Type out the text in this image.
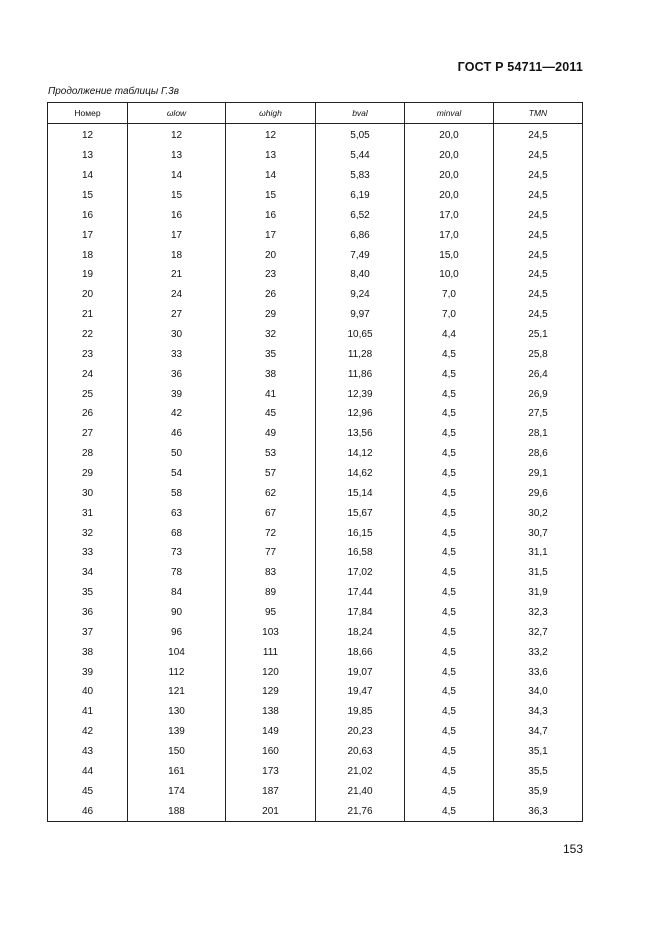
ГОСТ Р 54711—2011
Продолжение таблицы Г.3в
Номер	ωlow	ωhigh	bval	minval	TMN
12	12	12	5,05	20,0	24,5
13	13	13	5,44	20,0	24,5
14	14	14	5,83	20,0	24,5
15	15	15	6,19	20,0	24,5
16	16	16	6,52	17,0	24,5
17	17	17	6,86	17,0	24,5
18	18	20	7,49	15,0	24,5
19	21	23	8,40	10,0	24,5
20	24	26	9,24	7,0	24,5
21	27	29	9,97	7,0	24,5
22	30	32	10,65	4,4	25,1
23	33	35	11,28	4,5	25,8
24	36	38	11,86	4,5	26,4
25	39	41	12,39	4,5	26,9
26	42	45	12,96	4,5	27,5
27	46	49	13,56	4,5	28,1
28	50	53	14,12	4,5	28,6
29	54	57	14,62	4,5	29,1
30	58	62	15,14	4,5	29,6
31	63	67	15,67	4,5	30,2
32	68	72	16,15	4,5	30,7
33	73	77	16,58	4,5	31,1
34	78	83	17,02	4,5	31,5
35	84	89	17,44	4,5	31,9
36	90	95	17,84	4,5	32,3
37	96	103	18,24	4,5	32,7
38	104	111	18,66	4,5	33,2
39	112	120	19,07	4,5	33,6
40	121	129	19,47	4,5	34,0
41	130	138	19,85	4,5	34,3
42	139	149	20,23	4,5	34,7
43	150	160	20,63	4,5	35,1
44	161	173	21,02	4,5	35,5
45	174	187	21,40	4,5	35,9
46	188	201	21,76	4,5	36,3
153
